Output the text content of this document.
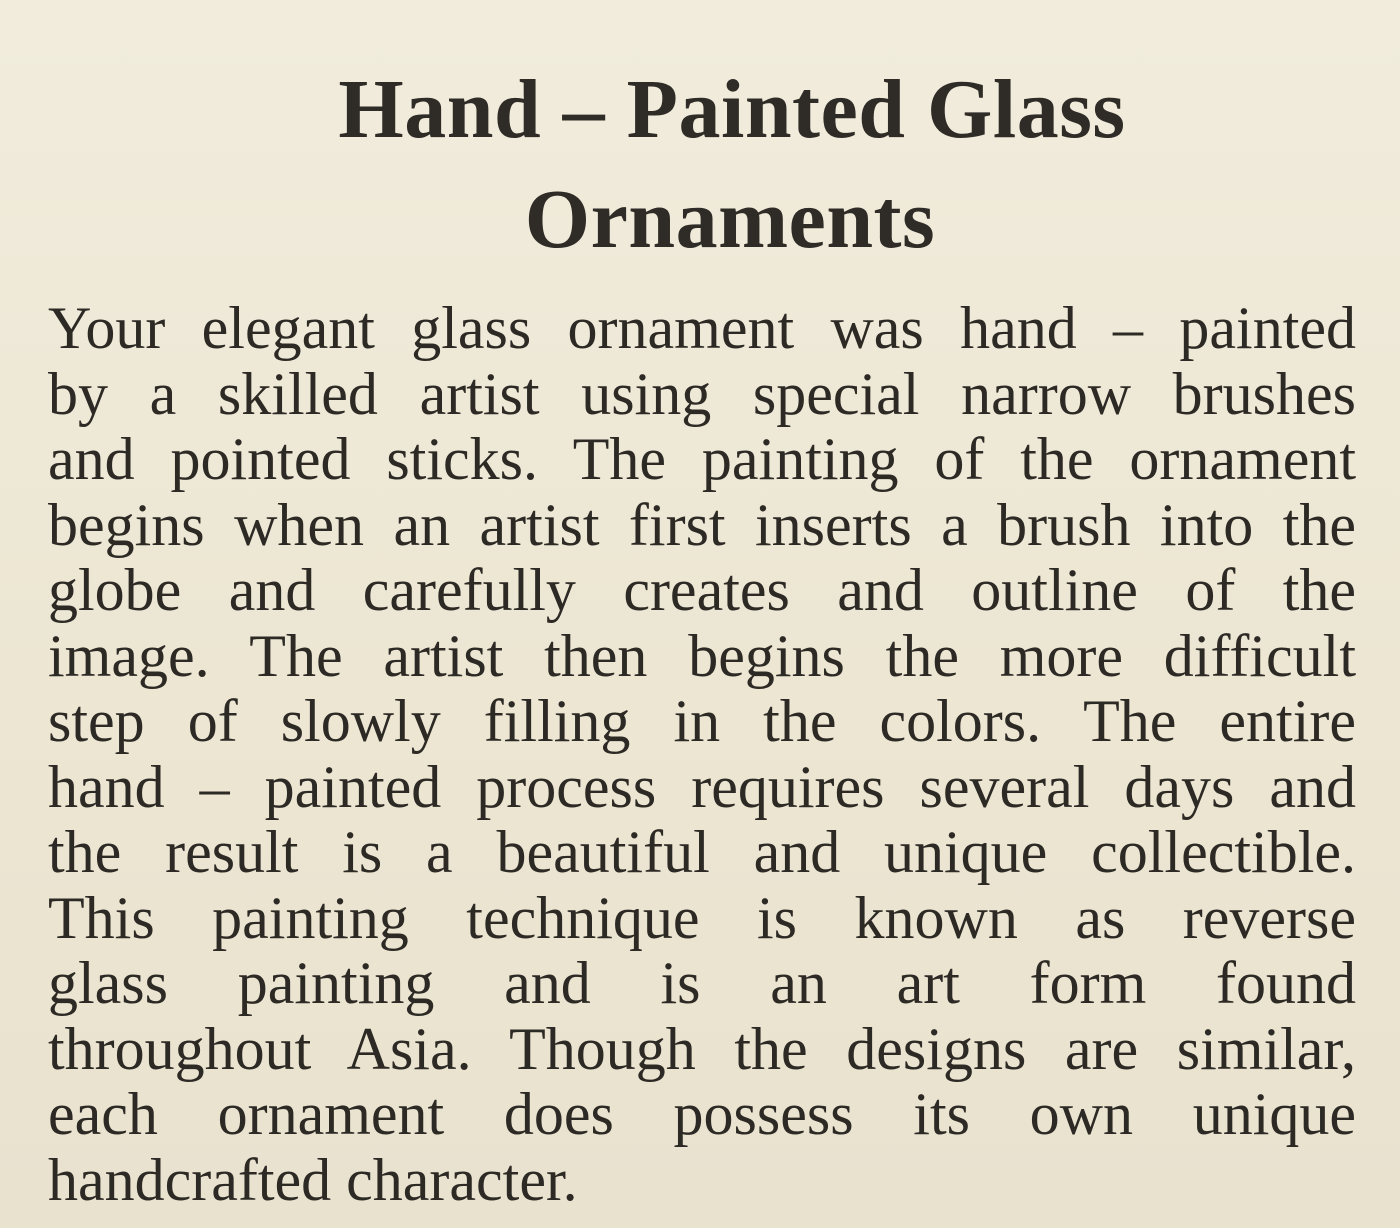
Hand – Painted Glass
Ornaments
Your elegant glass ornament was hand – painted
by a skilled artist using special narrow brushes
and pointed sticks. The painting of the ornament
begins when an artist first inserts a brush into the
globe and carefully creates and outline of the
image. The artist then begins the more difficult
step of slowly filling in the colors. The entire
hand – painted process requires several days and
the result is a beautiful and unique collectible.
This painting technique is known as reverse
glass painting and is an art form found
throughout Asia. Though the designs are similar,
each ornament does possess its own unique
handcrafted character.
